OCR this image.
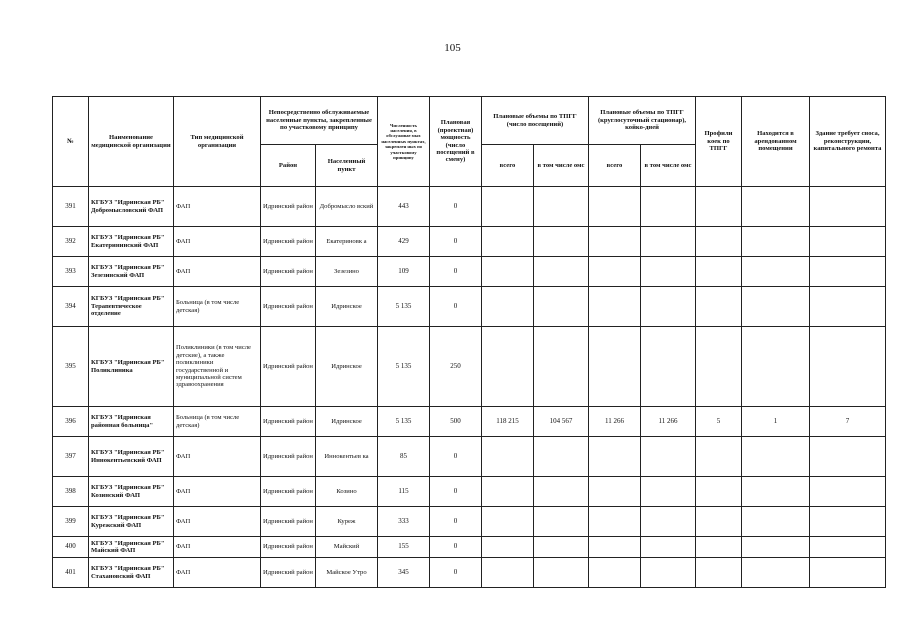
105
№	Наименование медицинской организации	Тип медицинской организации	Непосредственно обслуживаемые населенные пункты, закрепленные по участковому принципу		Численность населения, в обслуживае мых населенных пунктах, закреплен ных по участковому принципу	Плановая (проектная) мощность (число посещений в смену)	Плановые объемы по ТПГГ (число посещений)		Плановые объемы по ТПГГ (круглосуточный стационар), койко-дней		Профили коек по ТПГГ	Находится в арендованном помещении	Здание требует сноса, реконструкции, капитального ремонта
			Район	Населенный пункт			всего	в том числе омс	всего	в том числе омс			
391	КГБУЗ "Идринская РБ" Добромысловский ФАП	ФАП	Идринский район	Добромысло вский	443	0							
392	КГБУЗ "Идринская РБ" Екатерининский ФАП	ФАП	Идринский район	Екатериновк а	429	0							
393	КГБУЗ "Идринская РБ" Зезезинский ФАП	ФАП	Идринский район	Зезезино	109	0							
394	КГБУЗ "Идринская РБ" Терапевтическое отделение	Больница (в том числе детская)	Идринский район	Идринское	5 135	0							
395	КГБУЗ "Идринская РБ" Поликлиника	Поликлиники (в том числе детские), а также поликлиники государственной и муниципальной систем здравоохранения	Идринский район	Идринское	5 135	250							
396	КГБУЗ "Идринская районная больница"	Больница (в том числе детская)	Идринский район	Идринское	5 135	500	118 215	104 567	11 266	11 266	5	1	7
397	КГБУЗ "Идринская РБ" Иннокентьевский ФАП	ФАП	Идринский район	Иннокентьев ка	85	0							
398	КГБУЗ "Идринская РБ" Козинский ФАП	ФАП	Идринский район	Козино	115	0							
399	КГБУЗ "Идринская РБ" Курежский ФАП	ФАП	Идринский район	Куреж	333	0							
400	КГБУЗ "Идринская РБ" Майский ФАП	ФАП	Идринский район	Майский	155	0							
401	КГБУЗ "Идринская РБ" Стахановский ФАП	ФАП	Идринский район	Майское Утро	345	0							
